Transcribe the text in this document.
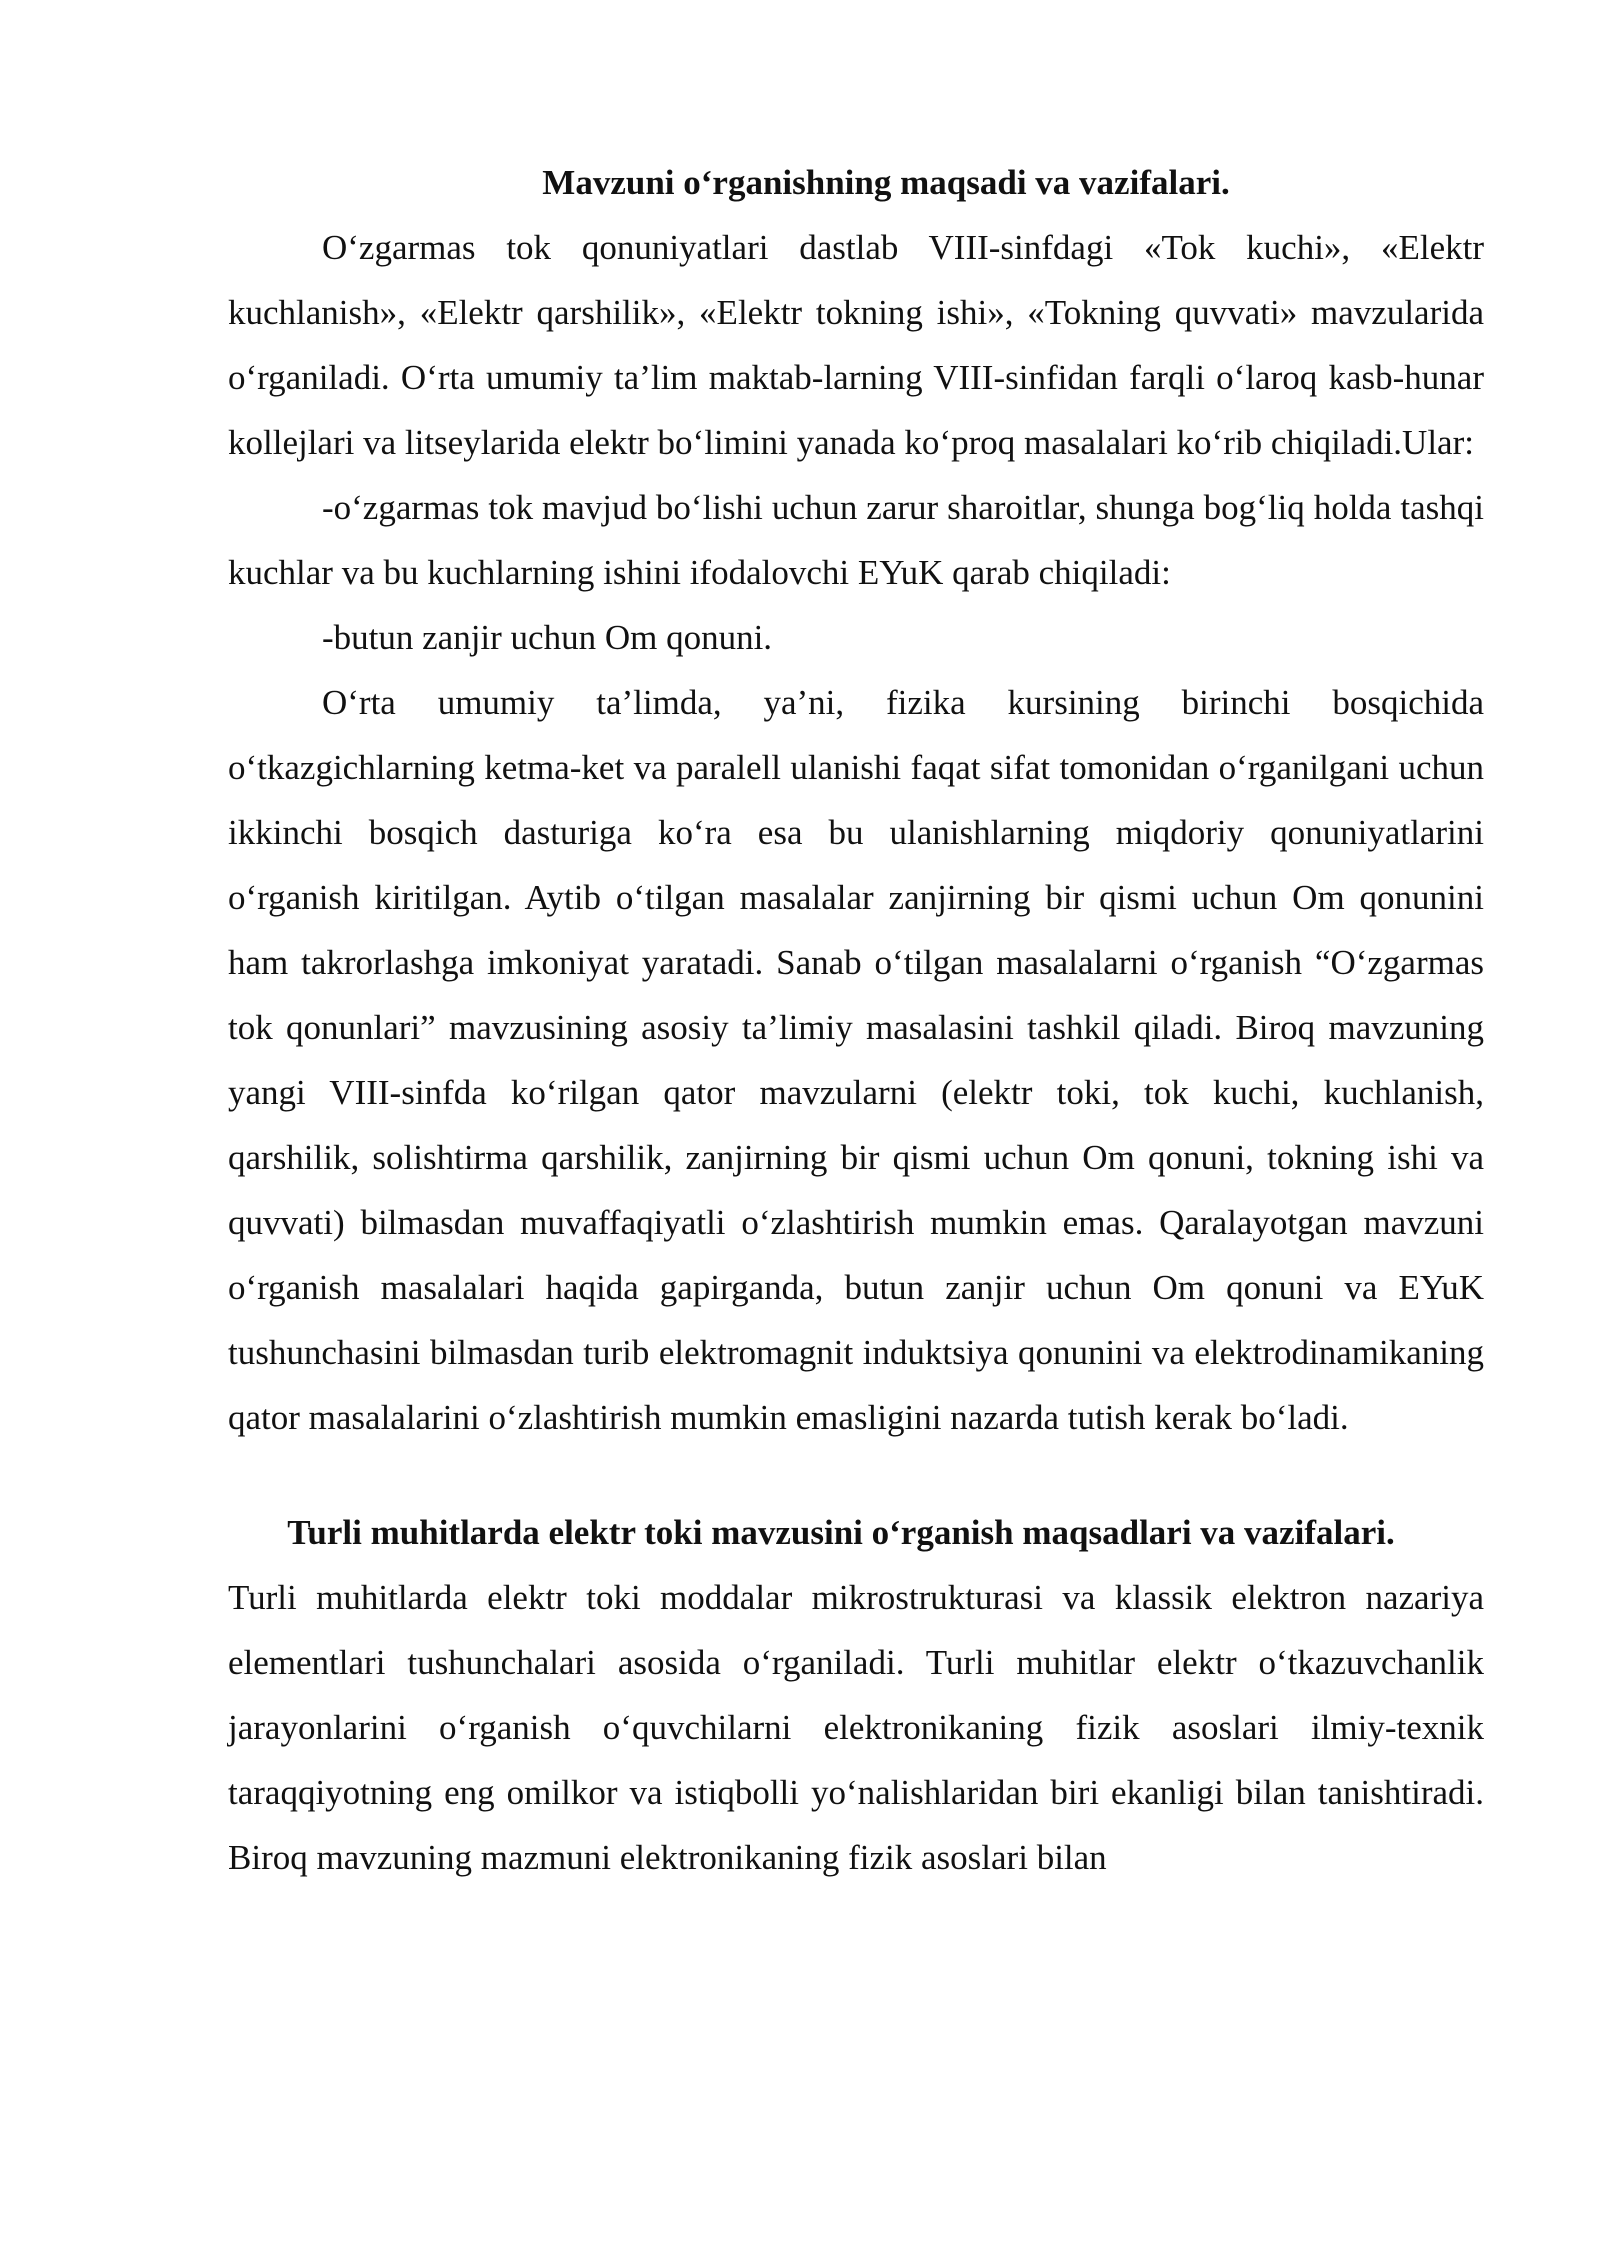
Mavzuni o‘rganishning maqsadi va vazifalari.

O‘zgarmas tok qonuniyatlari dastlab VIII-sinfdagi «Tok kuchi», «Elektr kuchlanish», «Elektr qarshilik», «Elektr tokning ishi», «Tokning quvvati» mavzularida o‘rganiladi. O‘rta umumiy ta’lim maktab-larning VIII-sinfidan farqli o‘laroq kasb-hunar kollejlari va litseylarida elektr bo‘limini yanada ko‘proq masalalari ko‘rib chiqiladi.Ular:

-o‘zgarmas tok mavjud bo‘lishi uchun zarur sharoitlar, shunga bog‘liq holda tashqi kuchlar va bu kuchlarning ishini ifodalovchi EYuK qarab chiqiladi:

-butun zanjir uchun Om qonuni.

O‘rta umumiy ta’limda, ya’ni, fizika kursining birinchi bosqichida o‘tkazgichlarning ketma-ket va paralell ulanishi faqat sifat tomonidan o‘rganilgani uchun ikkinchi bosqich dasturiga ko‘ra esa bu ulanishlarning miqdoriy qonuniyatlarini o‘rganish kiritilgan. Aytib o‘tilgan masalalar zanjirning bir qismi uchun Om qonunini ham takrorlashga imkoniyat yaratadi. Sanab o‘tilgan masalalarni o‘rganish “O‘zgarmas tok qonunlari” mavzusining asosiy ta’limiy masalasini tashkil qiladi. Biroq mavzuning yangi VIII-sinfda ko‘rilgan qator mavzularni (elektr toki, tok kuchi, kuchlanish, qarshilik, solishtirma qarshilik, zanjirning bir qismi uchun Om qonuni, tokning ishi va quvvati) bilmasdan muvaffaqiyatli o‘zlashtirish mumkin emas. Qaralayotgan mavzuni o‘rganish masalalari haqida gapirganda, butun zanjir uchun Om qonuni va EYuK tushunchasini bilmasdan turib elektromagnit induktsiya qonunini va elektrodinamikaning qator masalalarini o‘zlashtirish mumkin emasligini nazarda tutish kerak bo‘ladi.

Turli muhitlarda elektr toki mavzusini o‘rganish maqsadlari va vazifalari.

Turli muhitlarda elektr toki moddalar mikrostrukturasi va klassik elektron nazariya elementlari tushunchalari asosida o‘rganiladi. Turli muhitlar elektr o‘tkazuvchanlik jarayonlarini o‘rganish o‘quvchilarni elektronikaning fizik asoslari ilmiy-texnik taraqqiyotning eng omilkor va istiqbolli yo‘nalishlaridan biri ekanligi bilan tanishtiradi. Biroq mavzuning mazmuni elektronikaning fizik asoslari bilan
